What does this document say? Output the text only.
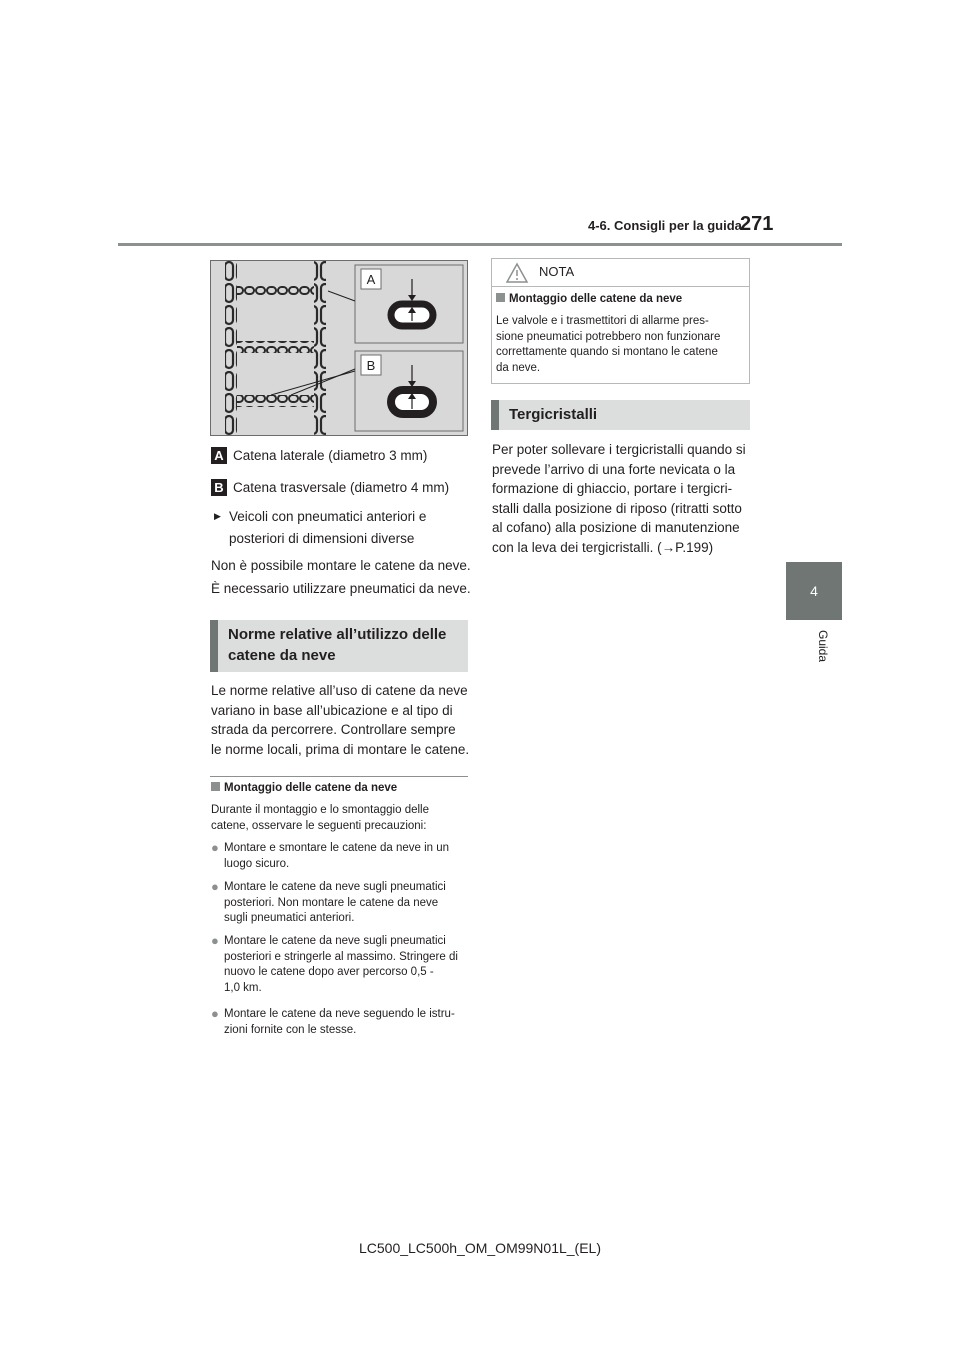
4-6. Consigli per la guida
271
4
Guida
A
B
A Catena laterale (diametro 3 mm)
B Catena trasversale (diametro 4 mm)
▶ Veicoli con pneumatici anteriori e
posteriori di dimensioni diverse
Non è possibile montare le catene da neve.
È necessario utilizzare pneumatici da neve.
Norme relative all’utilizzo delle
catene da neve
Le norme relative all’uso di catene da neve
variano in base all’ubicazione e al tipo di
strada da percorrere. Controllare sempre
le norme locali, prima di montare le catene.
Montaggio delle catene da neve
Durante il montaggio e lo smontaggio delle
catene, osservare le seguenti precauzioni:
● Montare e smontare le catene da neve in un
luogo sicuro.
● Montare le catene da neve sugli pneumatici
posteriori. Non montare le catene da neve
sugli pneumatici anteriori.
● Montare le catene da neve sugli pneumatici
posteriori e stringerle al massimo. Stringere di
nuovo le catene dopo aver percorso 0,5 -
1,0 km.
● Montare le catene da neve seguendo le istru-
zioni fornite con le stesse.
NOTA
Montaggio delle catene da neve
Le valvole e i trasmettitori di allarme pres-
sione pneumatici potrebbero non funzionare
correttamente quando si montano le catene
da neve.
Tergicristalli
Per poter sollevare i tergicristalli quando si
prevede l’arrivo di una forte nevicata o la
formazione di ghiaccio, portare i tergicri-
stalli dalla posizione di riposo (ritratti sotto
al cofano) alla posizione di manutenzione
con la leva dei tergicristalli. (→P.199)
LC500_LC500h_OM_OM99N01L_(EL)
